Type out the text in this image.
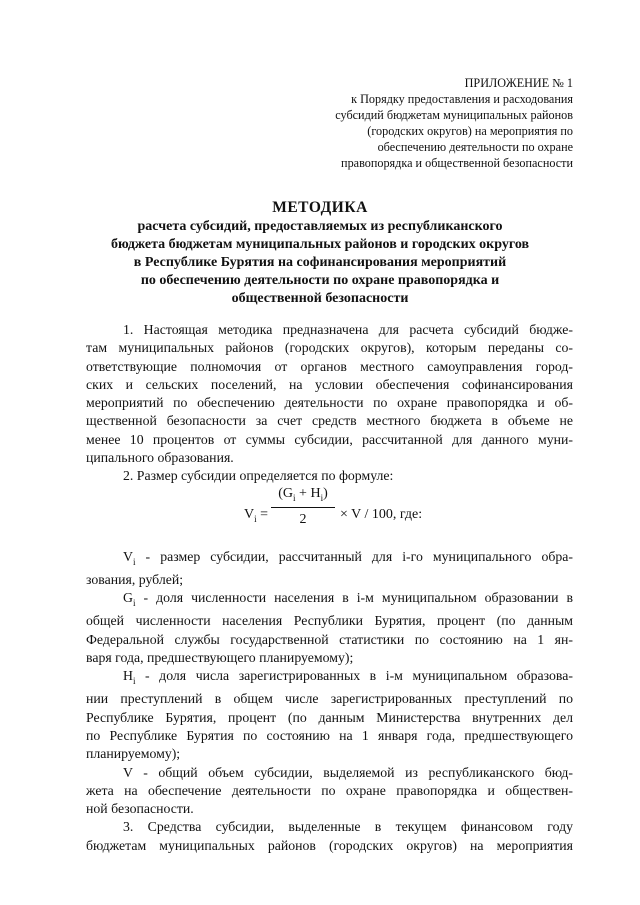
ПРИЛОЖЕНИЕ № 1
к Порядку предоставления и расходования
субсидий бюджетам муниципальных районов
(городских округов) на мероприятия по
обеспечению деятельности по охране
правопорядка и общественной безопасности
МЕТОДИКА
расчета субсидий, предоставляемых из республиканского
бюджета бюджетам муниципальных районов и городских округов
в Республике Бурятия на софинансирования мероприятий
по обеспечению деятельности по охране правопорядка и
общественной безопасности
1. Настоящая методика предназначена для расчета субсидий бюдже-
там муниципальных районов (городских округов), которым переданы со-
ответствующие полномочия от органов местного самоуправления город-
ских и сельских поселений, на условии обеспечения софинансирования
мероприятий по обеспечению деятельности по охране правопорядка и об-
щественной безопасности за счет средств местного бюджета в объеме не
менее 10 процентов от суммы субсидии, рассчитанной для данного муни-
ципального образования.
2. Размер субсидии определяется по формуле:
$V_i$ =
$(G_i + H_i)$
2	× V / 100, где:
$V_i$ - размер субсидии, рассчитанный для i-го муниципального обра-
зования, рублей;
$G_i$ - доля численности населения в i-м муниципальном образовании в
общей численности населения Республики Бурятия, процент (по данным
Федеральной службы государственной статистики по состоянию на 1 ян-
варя года, предшествующего планируемому);
$H_i$ - доля числа зарегистрированных в i-м муниципальном образова-
нии преступлений в общем числе зарегистрированных преступлений по
Республике Бурятия, процент (по данным Министерства внутренних дел
по Республике Бурятия по состоянию на 1 января года, предшествующего
планируемому);
V - общий объем субсидии, выделяемой из республиканского бюд-
жета на обеспечение деятельности по охране правопорядка и обществен-
ной безопасности.
3. Средства субсидии, выделенные в текущем финансовом году
бюджетам муниципальных районов (городских округов) на мероприятия
